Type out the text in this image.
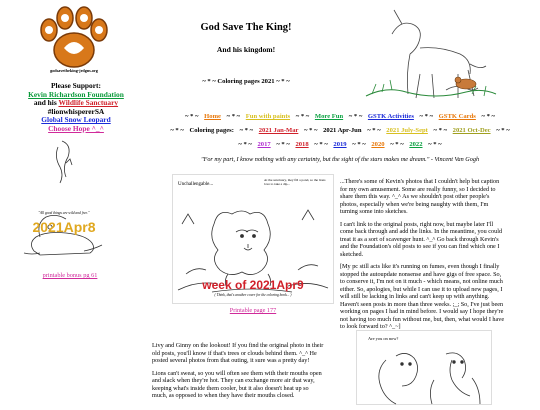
godsavetheking-jrdgns.org
Please Support:
Kevin Richardson Foundation
and his Wildlife Sanctuary
#lionwhispererSA
Global Snow Leopard
Choose Hope ^_^
"All good things are wild and free."
2021Apr8
printable bonus pg 61
God Save The King!
And his kingdom!
~ * ~ Coloring pages 2021 ~ * ~
~ * ~ Home ~ * ~ Fun with paints ~ * ~ More Fun ~ * ~ GSTK Activities ~ * ~ GSTK Cards ~ * ~
~ * ~ Coloring pages: ~ * ~ 2021 Jan-Mar ~ * ~ 2021 Apr-Jun ~ * ~ 2021 July-Sept ~ * ~ 2021 Oct-Dec ~ * ~
~ * ~ 2017 ~ * ~ 2018 ~ * ~ 2019 ~ * ~ 2020 ~ * ~ 2022 ~ * ~
"For my part, I know nothing with any certainty, but the sight of the stars makes me dream." - Vincent Van Gogh
Unchallengable...
At the sanctuary, they fill a pond, so the lions love to take a dip...
week of 2021Apr9
( Think, that's another cover for the coloring book... )
Printable page 177

...There's some of Kevin's photos that I couldn't help but caption for my own amusement. Some are really funny, so I decided to share them this way. ^_^ As we shouldn't post other people's photos, especially when we're being naughty with them, I'm turning some into sketches.

I can't link to the original posts, right now, but maybe later I'll come back through and add the links. In the meantime, you could treat it as a sort of scavenger hunt. ^_^ Go back through Kevin's and the Foundation's old posts to see if you can find which one I sketched.

[My pc still acts like it's running on fumes, even though I finally stopped the autoupdate nonsense and have gigs of free space. So, to conserve it, I'm not on it much - which means, not online much either. So, apologies, but while I can use it to upload new pages, I will still be lacking in links and can't keep up with anything. Haven't seen posts in more than three weeks. ;_; So, I've just been working on pages I had in mind before. I would say I hope they're not having too much fun without me, but, then, what would I have to look forward to? ^_~]

Livy and Ginny on the lookout! If you find the original photo in their old posts, you'll know if that's trees or clouds behind them. ^_^ He posted several photos from that outing, it sure was a pretty day!

Lions can't sweat, so you will often see them with their mouths open and slack when they're hot. They can exchange more air that way, keeping what's inside them cooler, but it also doesn't heat up so much, as opposed to when they have their mouths closed.

Are you on now?
